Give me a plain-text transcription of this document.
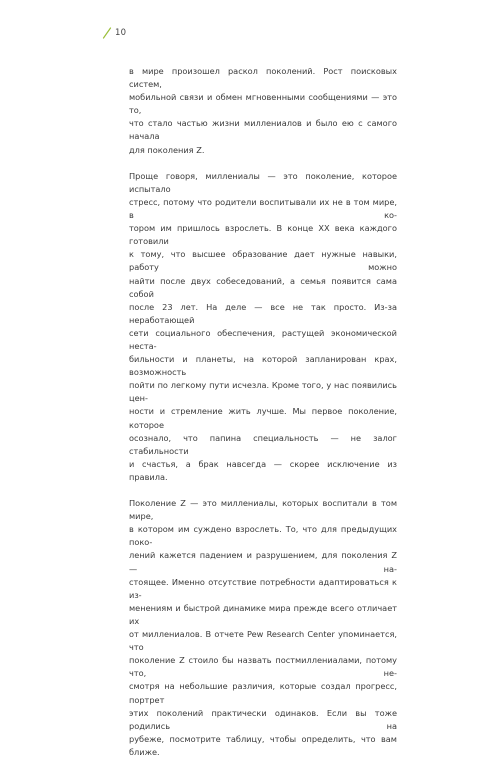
10
в мире произошел раскол поколений. Рост поисковых систем,
мобильной связи и обмен мгновенными сообщениями — это то,
что стало частью жизни миллениалов и было ею с самого начала
для поколения Z.
Проще говоря, миллениалы — это поколение, которое испытало
стресс, потому что родители воспитывали их не в том мире, в ко-
тором им пришлось взрослеть. В конце XX века каждого готовили
к тому, что высшее образование дает нужные навыки, работу можно
найти после двух собеседований, а семья появится сама собой
после 23 лет. На деле — все не так просто. Из-за неработающей
сети социального обеспечения, растущей экономической неста-
бильности и планеты, на которой запланирован крах, возможность
пойти по легкому пути исчезла. Кроме того, у нас появились цен-
ности и стремление жить лучше. Мы первое поколение, которое
осознало, что папина специальность — не залог стабильности
и счастья, а брак навсегда — скорее исключение из правила.
Поколение Z — это миллениалы, которых воспитали в том мире,
в котором им суждено взрослеть. То, что для предыдущих поко-
лений кажется падением и разрушением, для поколения Z — на-
стоящее. Именно отсутствие потребности адаптироваться к из-
менениям и быстрой динамике мира прежде всего отличает их
от миллениалов. В отчете Pew Research Center упоминается, что
поколение Z стоило бы назвать постмиллениалами, потому что, не-
смотря на небольшие различия, которые создал прогресс, портрет
этих поколений практически одинаков. Если вы тоже родились на
рубеже, посмотрите таблицу, чтобы определить, что вам ближе.
